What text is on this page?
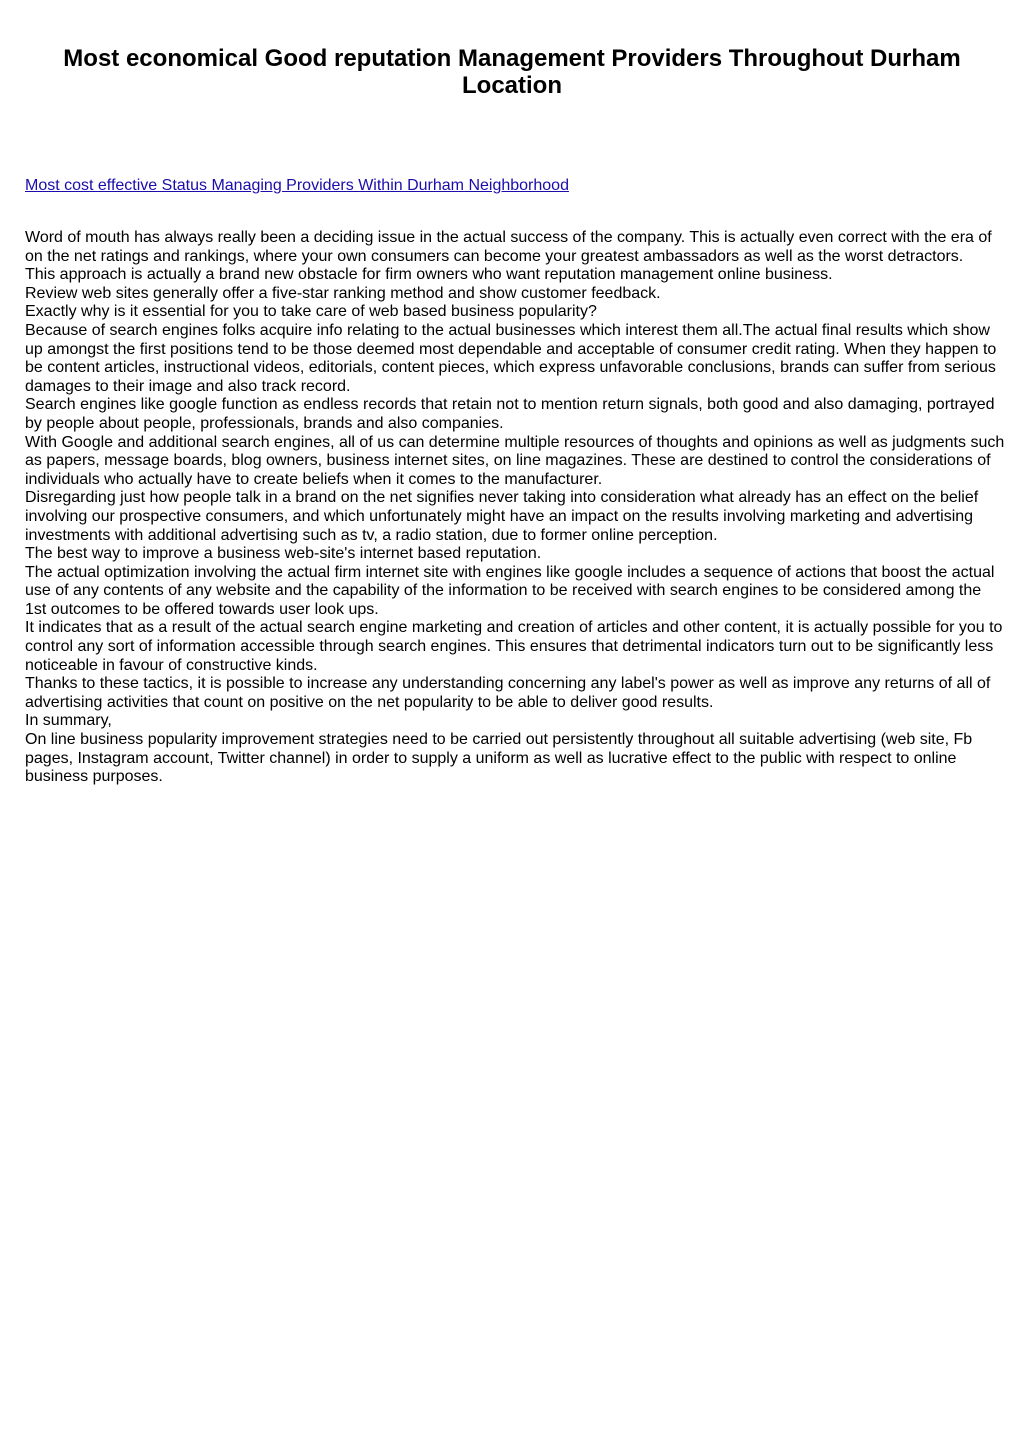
Most economical Good reputation Management Providers Throughout Durham Location
Most cost effective Status Managing Providers Within Durham Neighborhood

Word of mouth has always really been a deciding issue in the actual success of the company. This is actually even correct with the era of on the net ratings and rankings, where your own consumers can become your greatest ambassadors as well as the worst detractors.

This approach is actually a brand new obstacle for firm owners who want reputation management online business.

Review web sites generally offer a five-star ranking method and show customer feedback.

Exactly why is it essential for you to take care of web based business popularity?

Because of search engines folks acquire info relating to the actual businesses which interest them all.The actual final results which show up amongst the first positions tend to be those deemed most dependable and acceptable of consumer credit rating. When they happen to be content articles, instructional videos, editorials, content pieces, which express unfavorable conclusions, brands can suffer from serious damages to their image and also track record.

Search engines like google function as endless records that retain not to mention return signals, both good and also damaging, portrayed by people about people, professionals, brands and also companies.

With Google and additional search engines, all of us can determine multiple resources of thoughts and opinions as well as judgments such as papers, message boards, blog owners, business internet sites, on line magazines. These are destined to control the considerations of individuals who actually have to create beliefs when it comes to the manufacturer.

Disregarding just how people talk in a brand on the net signifies never taking into consideration what already has an effect on the belief involving our prospective consumers, and which unfortunately might have an impact on the results involving marketing and advertising investments with additional advertising such as tv, a radio station, due to former online perception.

The best way to improve a business web-site's internet based reputation.

The actual optimization involving the actual firm internet site with engines like google includes a sequence of actions that boost the actual use of any contents of any website and the capability of the information to be received with search engines to be considered among the 1st outcomes to be offered towards user look ups.

It indicates that as a result of the actual search engine marketing and creation of articles and other content, it is actually possible for you to control any sort of information accessible through search engines. This ensures that detrimental indicators turn out to be significantly less noticeable in favour of constructive kinds.

Thanks to these tactics, it is possible to increase any understanding concerning any label's power as well as improve any returns of all of advertising activities that count on positive on the net popularity to be able to deliver good results.

In summary,

On line business popularity improvement strategies need to be carried out persistently throughout all suitable advertising (web site, Fb pages, Instagram account, Twitter channel) in order to supply a uniform as well as lucrative effect to the public with respect to online business purposes.
